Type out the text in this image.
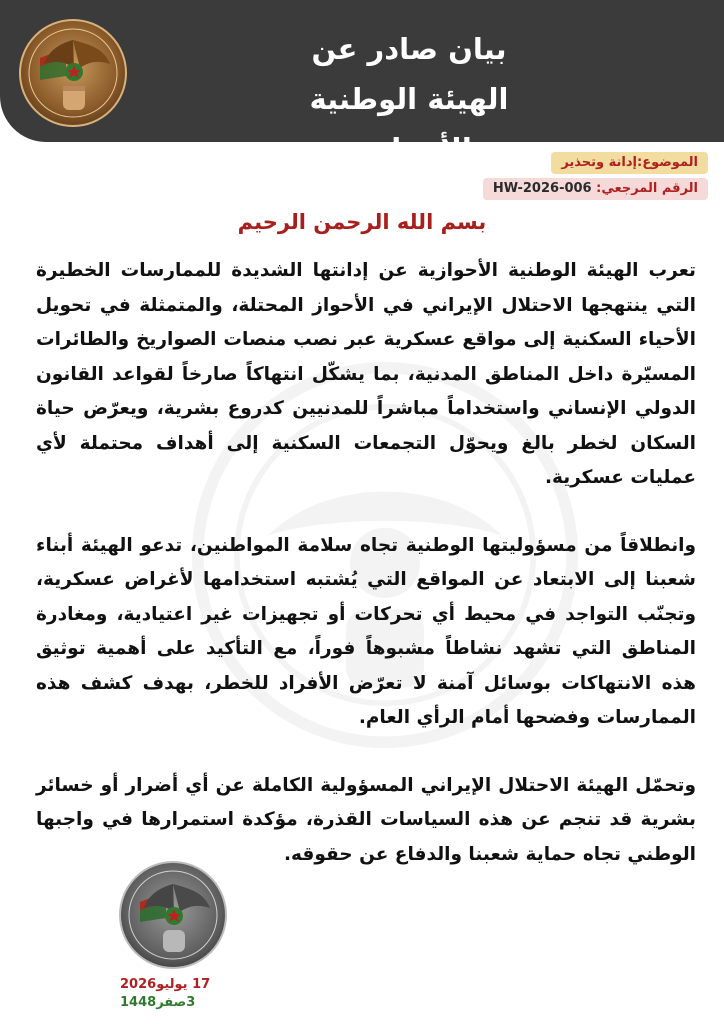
بيان صادر عن
الهيئة الوطنية الأحوازية	الموضوع:إدانة وتحذير
الرقم المرجعي: HW-2026-006
بسم الله الرحمن الرحيم

تعرب الهيئة الوطنية الأحوازية عن إدانتها الشديدة للممارسات الخطيرة التي ينتهجها الاحتلال الإيراني في الأحواز المحتلة، والمتمثلة في تحويل الأحياء السكنية إلى مواقع عسكرية عبر نصب منصات الصواريخ والطائرات المسيّرة داخل المناطق المدنية، بما يشكّل انتهاكاً صارخاً لقواعد القانون الدولي الإنساني واستخداماً مباشراً للمدنيين كدروع بشرية، ويعرّض حياة السكان لخطر بالغ ويحوّل التجمعات السكنية إلى أهداف محتملة لأي عمليات عسكرية.

وانطلاقاً من مسؤوليتها الوطنية تجاه سلامة المواطنين، تدعو الهيئة أبناء شعبنا إلى الابتعاد عن المواقع التي يُشتبه استخدامها لأغراض عسكرية، وتجنّب التواجد في محيط أي تحركات أو تجهيزات غير اعتيادية، ومغادرة المناطق التي تشهد نشاطاً مشبوهاً فوراً، مع التأكيد على أهمية توثيق هذه الانتهاكات بوسائل آمنة لا تعرّض الأفراد للخطر، بهدف كشف هذه الممارسات وفضحها أمام الرأي العام.

وتحمّل الهيئة الاحتلال الإيراني المسؤولية الكاملة عن أي أضرار أو خسائر بشرية قد تنجم عن هذه السياسات القذرة، مؤكدة استمرارها في واجبها الوطني تجاه حماية شعبنا والدفاع عن حقوقه.

17 يوليو2026
3صفر1448
